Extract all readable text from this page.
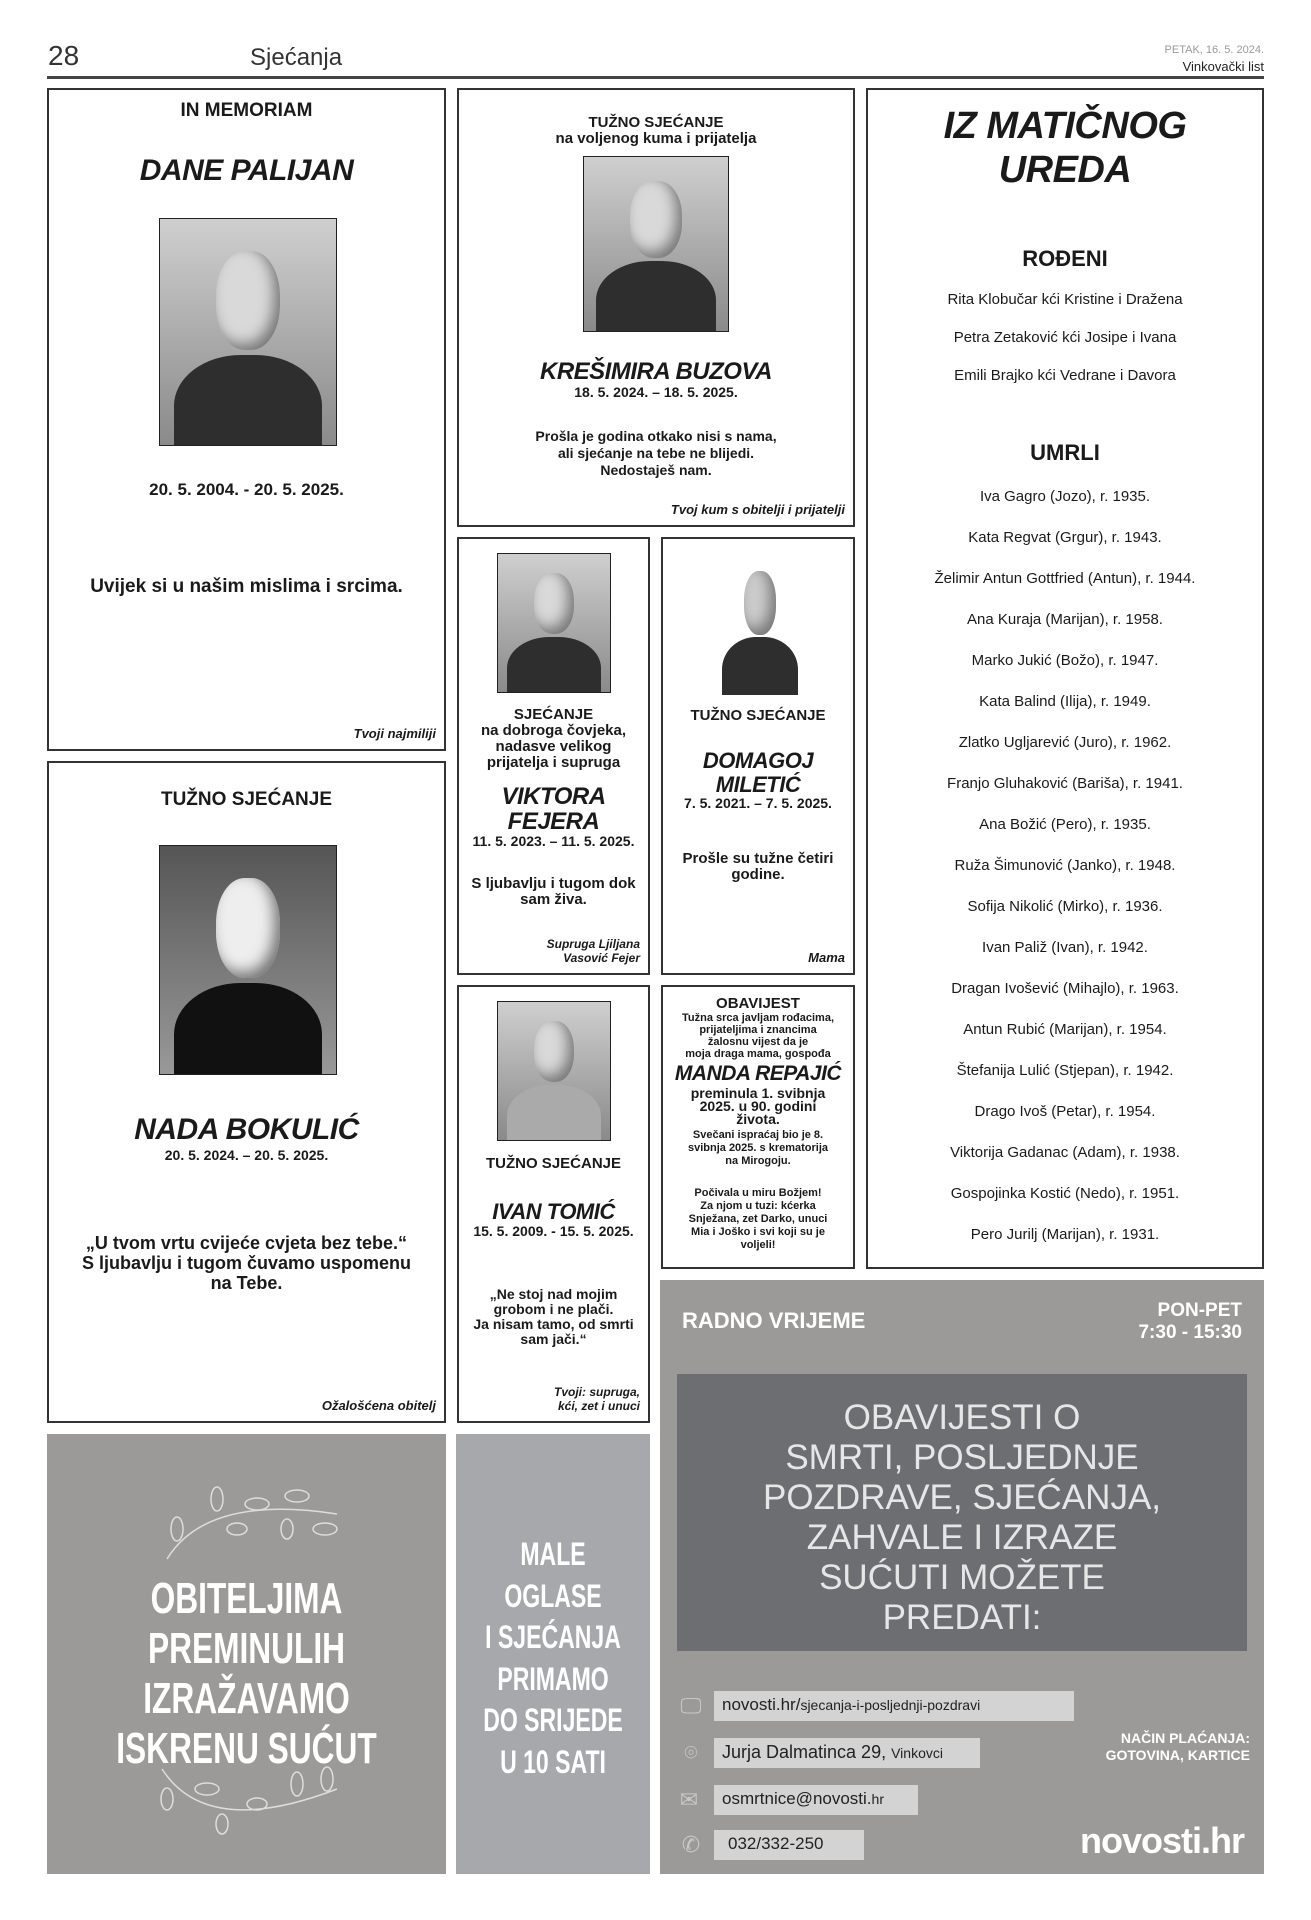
28	Sjećanja	PETAK, 16. 5. 2024.
Vinkovački list
IN MEMORIAM
DANE PALIJAN
20. 5. 2004. - 20. 5. 2025.
Uvijek si u našim mislima i srcima.
Tvoji najmiliji
TUŽNO SJEĆANJE
na voljenog kuma i prijatelja
KREŠIMIRA BUZOVA
18. 5. 2024. – 18. 5. 2025.
Prošla je godina otkako nisi s nama,
ali sjećanje na tebe ne blijedi.
Nedostaješ nam.
Tvoj kum s obitelji i prijatelji
IZ MATIČNOG
UREDA
ROĐENI

Rita Klobučar kći Kristine i Dražena

Petra Zetaković kći Josipe i Ivana

Emili Brajko kći Vedrane i Davora

UMRLI

Iva Gagro (Jozo), r. 1935.

Kata Regvat (Grgur), r. 1943.

Želimir Antun Gottfried (Antun), r. 1944.

Ana Kuraja (Marijan), r. 1958.

Marko Jukić (Božo), r. 1947.

Kata Balind (Ilija), r. 1949.

Zlatko Ugljarević (Juro), r. 1962.

Franjo Gluhaković (Bariša), r. 1941.

Ana Božić (Pero), r. 1935.

Ruža Šimunović (Janko), r. 1948.

Sofija Nikolić (Mirko), r. 1936.

Ivan Paliž (Ivan), r. 1942.

Dragan Ivošević (Mihajlo), r. 1963.

Antun Rubić (Marijan), r. 1954.

Štefanija Lulić (Stjepan), r. 1942.

Drago Ivoš (Petar), r. 1954.

Viktorija Gadanac (Adam), r. 1938.

Gospojinka Kostić (Nedo), r. 1951.

Pero Jurilj (Marijan), r. 1931.

TUŽNO SJEĆANJE
NADA BOKULIĆ
20. 5. 2024. – 20. 5. 2025.
„U tvom vrtu cvijeće cvjeta bez tebe.“
S ljubavlju i tugom čuvamo uspomenu
na Tebe.
Ožalošćena obitelj
SJEĆANJE
na dobroga čovjeka,
nadasve velikog
prijatelja i supruga
VIKTORA
FEJERA
11. 5. 2023. – 11. 5. 2025.
S ljubavlju i tugom dok
sam živa.
Supruga Ljiljana
Vasović Fejer
TUŽNO SJEĆANJE
DOMAGOJ
MILETIĆ
7. 5. 2021. – 7. 5. 2025.
Prošle su tužne četiri
godine.
Mama
TUŽNO SJEĆANJE
IVAN TOMIĆ
15. 5. 2009. - 15. 5. 2025.
„Ne stoj nad mojim
grobom i ne plači.
Ja nisam tamo, od smrti
sam jači.“
Tvoji: supruga,
kći, zet i unuci
OBAVIJEST
Tužna srca javljam rođacima,
prijateljima i znancima
žalosnu vijest da je
moja draga mama, gospođa
MANDA REPAJIĆ
preminula 1. svibnja
2025. u 90. godini
života.
Svečani ispraćaj bio je 8.
svibnja 2025. s krematorija
na Mirogoju.
Počivala u miru Božjem!
Za njom u tuzi: kćerka
Snježana, zet Darko, unuci
Mia i Joško i svi koji su je
voljeli!
OBITELJIMA
PREMINULIH
IZRAŽAVAMO
ISKRENU SUĆUT
MALE
OGLASE
I SJEĆANJA
PRIMAMO
DO SRIJEDE
U 10 SATI
RADNO VRIJEME	PON-PET
7:30 - 15:30
OBAVIJESTI O
SMRTI, POSLJEDNJE
POZDRAVE, SJEĆANJA,
ZAHVALE I IZRAZE
SUĆUTI MOŽETE
PREDATI:
🖵	novosti.hr/sjecanja-i-posljednji-pozdravi
⌾	Jurja Dalmatinca 29, Vinkovci
✉	osmrtnice@novosti.hr
✆	032/332-250
NAČIN PLAĆANJA:
GOTOVINA, KARTICE
novosti.hr
